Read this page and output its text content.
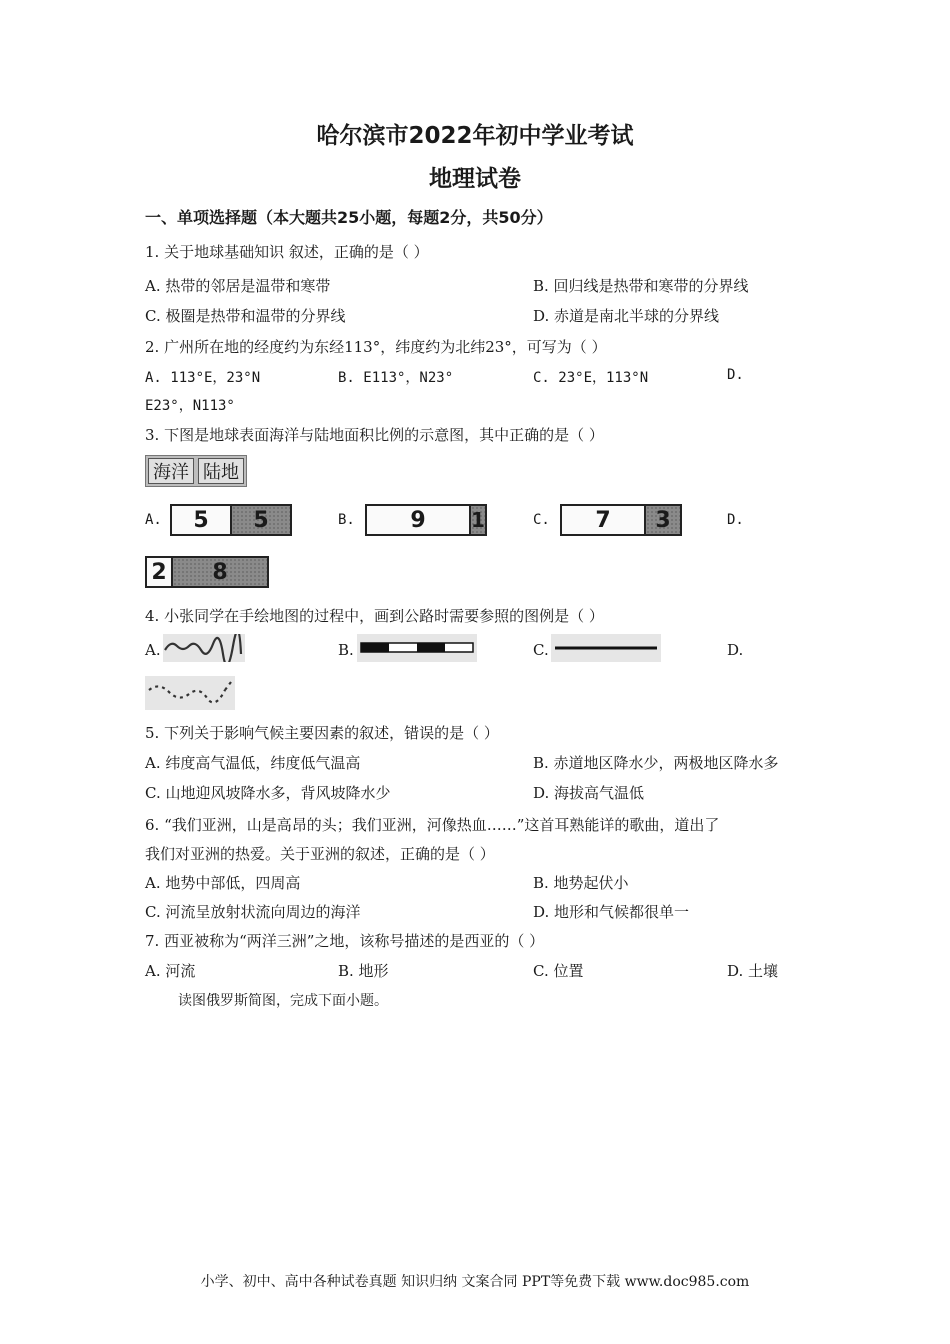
哈尔滨市2022年初中学业考试
地理试卷
一、单项选择题（本大题共25小题，每题2分，共50分）
1. 关于地球基础知识 叙述，正确的是（ ）
A. 热带的邻居是温带和寒带	B. 回归线是热带和寒带的分界线
C. 极圈是热带和温带的分界线	D. 赤道是南北半球的分界线
2. 广州所在地的经度约为东经113°，纬度约为北纬23°，可写为（ ）
A. 113°E，23°N	B. E113°，N23°	C. 23°E，113°N	D.
E23°，N113°
3. 下图是地球表面海洋与陆地面积比例的示意图，其中正确的是（ ）
海洋 陆地
A.	5	5	B.	9	1	C.	7	3	D.
2	8
4. 小张同学在手绘地图的过程中，画到公路时需要参照的图例是（ ）
A.	B.	C.	D.
5. 下列关于影响气候主要因素的叙述，错误的是（ ）
A. 纬度高气温低，纬度低气温高	B. 赤道地区降水少，两极地区降水多
C. 山地迎风坡降水多，背风坡降水少	D. 海拔高气温低
6. “我们亚洲，山是高昂的头；我们亚洲，河像热血……”这首耳熟能详的歌曲，道出了
我们对亚洲的热爱。关于亚洲的叙述，正确的是（ ）
A. 地势中部低，四周高	B. 地势起伏小
C. 河流呈放射状流向周边的海洋	D. 地形和气候都很单一
7. 西亚被称为“两洋三洲”之地，该称号描述的是西亚的（ ）
A. 河流	B. 地形	C. 位置	D. 土壤
读图俄罗斯简图，完成下面小题。
小学、初中、高中各种试卷真题 知识归纳 文案合同 PPT等免费下载 www.doc985.com
